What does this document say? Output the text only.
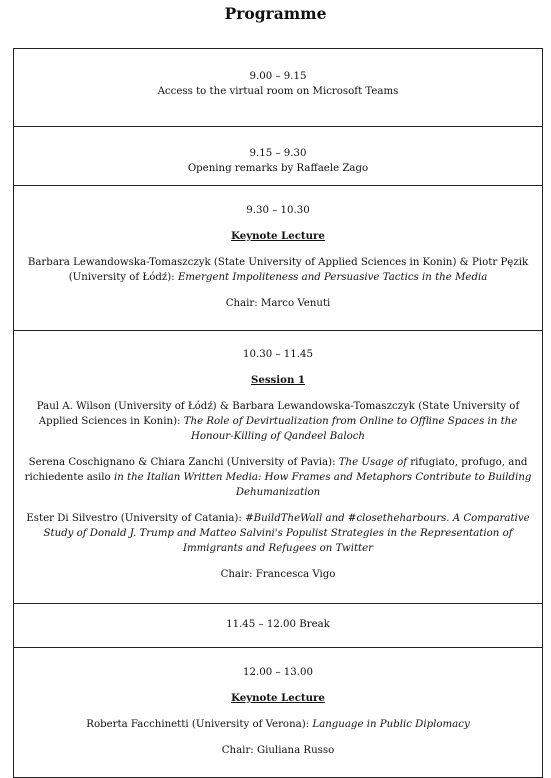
Programme

9.00 – 9.15

Access to the virtual room on Microsoft Teams

9.15 – 9.30

Opening remarks by Raffaele Zago

9.30 – 10.30

Keynote Lecture

Barbara Lewandowska-Tomaszczyk (State University of Applied Sciences in Konin) & Piotr Pęzik (University of Łódź): Emergent Impoliteness and Persuasive Tactics in the Media

Chair: Marco Venuti

10.30 – 11.45

Session 1

Paul A. Wilson (University of Łódź) & Barbara Lewandowska-Tomaszczyk (State University of Applied Sciences in Konin): The Role of Devirtualization from Online to Offline Spaces in the Honour-Killing of Qandeel Baloch

Serena Coschignano & Chiara Zanchi (University of Pavia): The Usage of rifugiato, profugo, and richiedente asilo in the Italian Written Media: How Frames and Metaphors Contribute to Building Dehumanization

Ester Di Silvestro (University of Catania): #BuildTheWall and #closetheharbours. A Comparative Study of Donald J. Trump and Matteo Salvini's Populist Strategies in the Representation of Immigrants and Refugees on Twitter

Chair: Francesca Vigo

11.45 – 12.00 Break

12.00 – 13.00

Keynote Lecture

Roberta Facchinetti (University of Verona): Language in Public Diplomacy

Chair: Giuliana Russo
